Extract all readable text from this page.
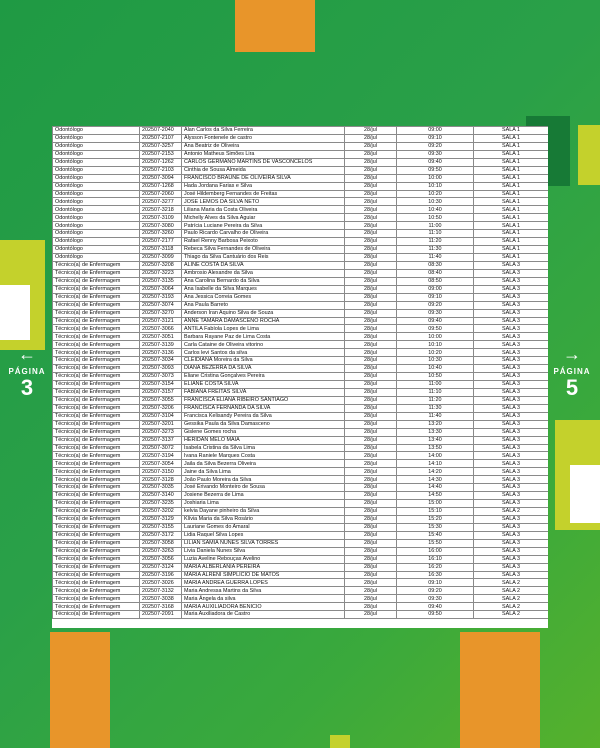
←
PÁGINA
3
→
PÁGINA
5
Odontólogo	202507-2040	Alan Carlos da Silva Ferreira	28/jul	09:00	SALA 1
Odontólogo	202507-2107	Alysson Fontenele de castro	28/jul	09:10	SALA 1
Odontólogo	202507-3257	Ana Beatriz de Oliveira	28/jul	09:20	SALA 1
Odontólogo	202507-2153	Antonio Matheus Simões Lira	28/jul	09:30	SALA 1
Odontólogo	202507-1262	CARLOS GERMANO MARTINS DE VASCONCELOS	28/jul	09:40	SALA 1
Odontólogo	202507-2103	Cinthia de Sousa Almeida	28/jul	09:50	SALA 1
Odontólogo	202507-3094	FRANCISCO BRAUNE DE OLIVEIRA SILVA	28/jul	10:00	SALA 1
Odontólogo	202507-1268	Hada Jordana Farias e Silva	28/jul	10:10	SALA 1
Odontólogo	202507-2060	José Hildemberg Fernandes de Freitas	28/jul	10:20	SALA 1
Odontólogo	202507-3277	JOSE LEMOS DA SILVA NETO	28/jul	10:30	SALA 1
Odontólogo	202507-3218	Liliana Maria da Costa Oliveira	28/jul	10:40	SALA 1
Odontólogo	202507-3109	Michelly Alves da Silva Aguiar	28/jul	10:50	SALA 1
Odontólogo	202507-3080	Patrícia Luciane Pereira da Silva	28/jul	11:00	SALA 1
Odontólogo	202507-3260	Paulo Ricardo Carvalho de Oliveira	28/jul	11:10	SALA 1
Odontólogo	202507-2177	Rafael Renny Barbosa Peixoto	28/jul	11:20	SALA 1
Odontólogo	202507-3118	Rebeca Silva Fernandes de Oliveira	28/jul	11:30	SALA 1
Odontólogo	202507-3099	Thiago da Silva Cantuário dos Reis	28/jul	11:40	SALA 1
Técnico(a) de Enfermagem	202507-3208	ALINE COSTA DA SILVA	28/jul	08:30	SALA 3
Técnico(a) de Enfermagem	202507-3223	Ambrosio Alexandre da Silva	28/jul	08:40	SALA 3
Técnico(a) de Enfermagem	202507-3135	Ana Carolina Bernardo da Silva	28/jul	08:50	SALA 3
Técnico(a) de Enfermagem	202507-3064	Ana Isabelle da Silva Marques	28/jul	09:00	SALA 3
Técnico(a) de Enfermagem	202507-3193	Ana Jessica Correia Gomes	28/jul	09:10	SALA 3
Técnico(a) de Enfermagem	202507-3074	Ana Paula Barreto	28/jul	09:20	SALA 3
Técnico(a) de Enfermagem	202507-3270	Anderson Iran Aquino Silva de Souza	28/jul	09:30	SALA 3
Técnico(a) de Enfermagem	202507-3121	ANNE TAMARA DAMASCENO ROCHA	28/jul	09:40	SALA 3
Técnico(a) de Enfermagem	202507-3066	ANTILA Fabíola Lopes de Lima	28/jul	09:50	SALA 3
Técnico(a) de Enfermagem	202507-3051	Barbara Rayane Paz de Lima Costa	28/jul	10:00	SALA 3
Técnico(a) de Enfermagem	202507-3139	Carla Cataine de Oliveira vitorino	28/jul	10:10	SALA 3
Técnico(a) de Enfermagem	202507-3136	Carlos levi Santos da silva	28/jul	10:20	SALA 3
Técnico(a) de Enfermagem	202507-3034	CLEIDIANA Moreira da Silva	28/jul	10:30	SALA 3
Técnico(a) de Enfermagem	202507-3093	DIANA BEZERRA DA SILVA	28/jul	10:40	SALA 3
Técnico(a) de Enfermagem	202507-3073	Eliane Cristina Gonçalves Pereira	28/jul	10:50	SALA 3
Técnico(a) de Enfermagem	202507-3154	ELIANE COSTA SILVA	28/jul	11:00	SALA 3
Técnico(a) de Enfermagem	202507-3157	FABIANA FREITAS SILVA	28/jul	11:10	SALA 3
Técnico(a) de Enfermagem	202507-3055	FRANCISCA ELIANA RIBEIRO SANTIAGO	28/jul	11:20	SALA 3
Técnico(a) de Enfermagem	202507-3206	FRANCISCA FERNANDA DA SILVA	28/jul	11:30	SALA 3
Técnico(a) de Enfermagem	202507-3104	Francisca Kelisandy Pereira da Silva	28/jul	11:40	SALA 3
Técnico(a) de Enfermagem	202507-3201	Gessika Paula da Silva Damasceno	28/jul	13:20	SALA 3
Técnico(a) de Enfermagem	202507-3273	Gislene Gomes rocha	28/jul	13:30	SALA 3
Técnico(a) de Enfermagem	202507-3137	HERIDAN MELO MAIA	28/jul	13:40	SALA 3
Técnico(a) de Enfermagem	202507-3072	Isabela Cristina da Silva Lima	28/jul	13:50	SALA 3
Técnico(a) de Enfermagem	202507-3194	Ivana Raniele Marques Costa	28/jul	14:00	SALA 3
Técnico(a) de Enfermagem	202507-3054	Jaila da Silva Bezerra Oliveira	28/jul	14:10	SALA 3
Técnico(a) de Enfermagem	202507-3150	Jaine da Silva Lima	28/jul	14:20	SALA 3
Técnico(a) de Enfermagem	202507-3128	João Paulo Moreira da Silva	28/jul	14:30	SALA 3
Técnico(a) de Enfermagem	202507-3035	José Erivando Monteiro de Sousa	28/jul	14:40	SALA 3
Técnico(a) de Enfermagem	202507-3140	Josiene Bezerra de Lima	28/jul	14:50	SALA 3
Técnico(a) de Enfermagem	202507-3235	Joshiaria Lima	28/jul	15:00	SALA 3
Técnico(a) de Enfermagem	202507-3202	kelvia Dayane pinheiro da Silva	28/jul	15:10	SALA 2
Técnico(a) de Enfermagem	202507-3129	Klívia Maria da Silva Rosário	28/jul	15:20	SALA 3
Técnico(a) de Enfermagem	202507-3155	Lauriane Gomes do Amaral	28/jul	15:30	SALA 3
Técnico(a) de Enfermagem	202507-3172	Lidia Raquel Silva Lopes	28/jul	15:40	SALA 3
Técnico(a) de Enfermagem	202507-3058	LILIAN SAMIA NUNES SILVA TORRES	28/jul	15:50	SALA 3
Técnico(a) de Enfermagem	202507-3263	Livia Daniela Nunes Silva	28/jul	16:00	SALA 3
Técnico(a) de Enfermagem	202507-3056	Luzia Aveline Rebouças Avelino	28/jul	16:10	SALA 3
Técnico(a) de Enfermagem	202507-3124	MARIA ALBERLANIA PEREIRA	28/jul	16:20	SALA 3
Técnico(a) de Enfermagem	202507-3196	MARIA ALRENI SIMPLICIO DE MATOS	28/jul	16:30	SALA 3
Técnico(a) de Enfermagem	202507-3026	MARIA ANDREA GUERRA LOPES	28/jul	09:10	SALA 2
Técnico(a) de Enfermagem	202507-3132	Maria Andressa Martins da Silva	28/jul	09:20	SALA 2
Técnico(a) de Enfermagem	202507-3038	Maria Ângela da silva	28/jul	09:30	SALA 2
Técnico(a) de Enfermagem	202507-3168	MARIA AUXILIADORA BENICIO	28/jul	09:40	SALA 2
Técnico(a) de Enfermagem	202507-2091	Maria Auxiliadora de Castro	28/jul	09:50	SALA 2
